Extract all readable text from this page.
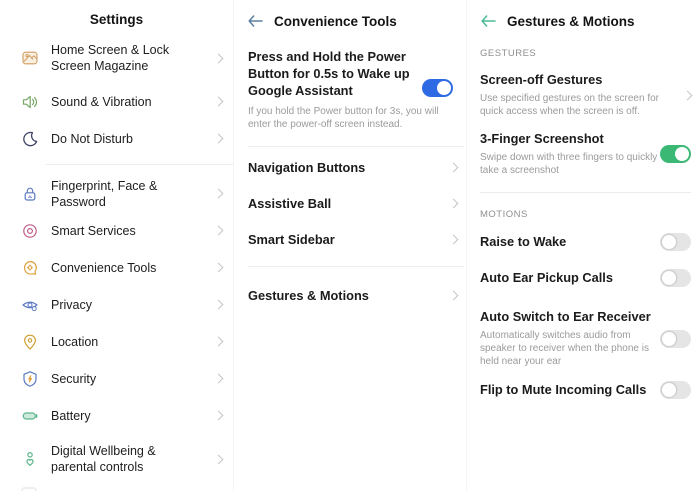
Settings
Home Screen & Lock Screen Magazine
Sound & Vibration
Do Not Disturb
Fingerprint, Face & Password
Smart Services
Convenience Tools
Privacy
Location
Security
Battery
Digital Wellbeing & parental controls
Convenience Tools
Press and Hold the Power Button for 0.5s to Wake up Google Assistant
If you hold the Power button for 3s, you will enter the power-off screen instead.
Navigation Buttons
Assistive Ball
Smart Sidebar
Gestures & Motions
Gestures & Motions
GESTURES
Screen-off Gestures
Use specified gestures on the screen for quick access when the screen is off.
3-Finger Screenshot
Swipe down with three fingers to quickly take a screenshot
MOTIONS
Raise to Wake
Auto Ear Pickup Calls
Auto Switch to Ear Receiver
Automatically switches audio from speaker to receiver when the phone is held near your ear
Flip to Mute Incoming Calls
